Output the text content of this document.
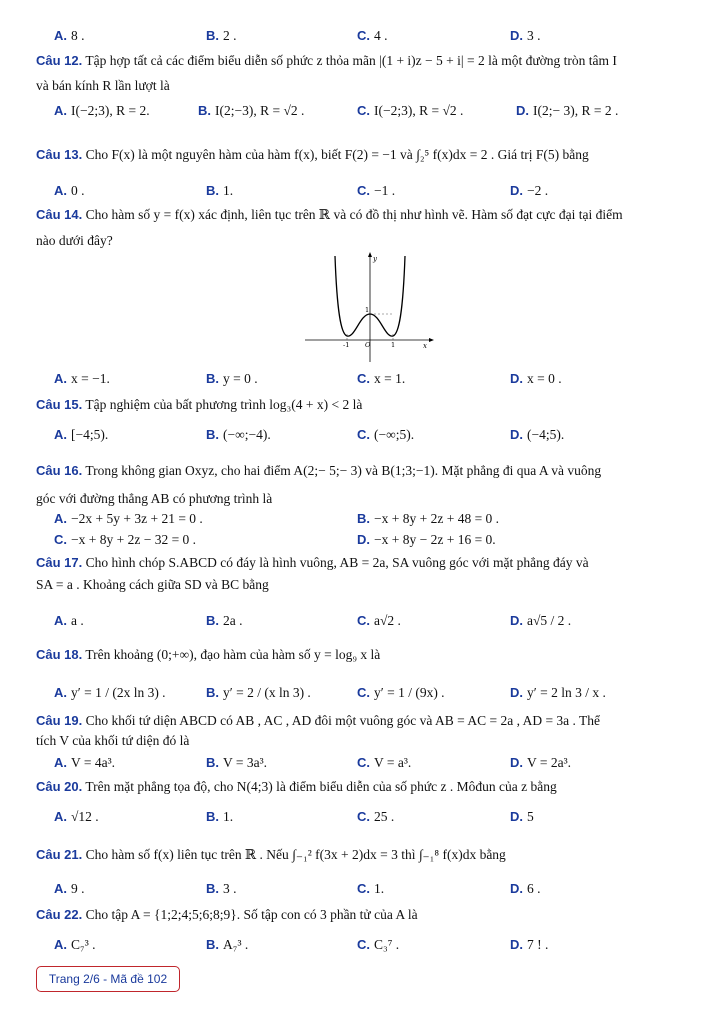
A. 8 .	B. 2 .	C. 4 .	D. 3 .
Câu 12. Tập hợp tất cả các điểm biểu diễn số phức z thỏa mãn |(1 + i)z − 5 + i| = 2 là một đường tròn tâm I
và bán kính R lần lượt là
A. I(−2;3), R = 2.	B. I(2;−3), R = √2 .	C. I(−2;3), R = √2 .	D. I(2;− 3), R = 2 .
Câu 13. Cho F(x) là một nguyên hàm của hàm f(x), biết F(2) = −1 và ∫₂⁵ f(x)dx = 2 . Giá trị F(5) bằng
A. 0 .	B. 1.	C. −1 .	D. −2 .
Câu 14. Cho hàm số y = f(x) xác định, liên tục trên ℝ và có đồ thị như hình vẽ. Hàm số đạt cực đại tại điểm
nào dưới đây?
y
x
O
-1	1
1
A. x = −1.	B. y = 0 .	C. x = 1.	D. x = 0 .
Câu 15. Tập nghiệm của bất phương trình log₃(4 + x) < 2 là
A. [−4;5).	B. (−∞;−4).	C. (−∞;5).	D. (−4;5).
Câu 16. Trong không gian Oxyz, cho hai điểm A(2;− 5;− 3) và B(1;3;−1). Mặt phẳng đi qua A và vuông
góc với đường thẳng AB có phương trình là
A. −2x + 5y + 3z + 21 = 0 .	B. −x + 8y + 2z + 48 = 0 .
C. −x + 8y + 2z − 32 = 0 .	D. −x + 8y − 2z + 16 = 0.
Câu 17. Cho hình chóp S.ABCD có đáy là hình vuông, AB = 2a, SA vuông góc với mặt phẳng đáy và
SA = a . Khoảng cách giữa SD và BC bằng
A. a .	B. 2a .	C. a√2 .	D. a√5 / 2 .
Câu 18. Trên khoảng (0;+∞), đạo hàm của hàm số y = log₉ x là
A. y′ = 1 / (2x ln 3) .	B. y′ = 2 / (x ln 3) .	C. y′ = 1 / (9x) .	D. y′ = 2 ln 3 / x .
Câu 19. Cho khối tứ diện ABCD có AB , AC , AD đôi một vuông góc và AB = AC = 2a , AD = 3a . Thể
tích V của khối tứ diện đó là
A. V = 4a³.	B. V = 3a³.	C. V = a³.	D. V = 2a³.
Câu 20. Trên mặt phẳng tọa độ, cho N(4;3) là điểm biểu diễn của số phức z . Môđun của z bằng
A. √12 .	B. 1.	C. 25 .	D. 5
Câu 21. Cho hàm số f(x) liên tục trên ℝ . Nếu ∫₋₁² f(3x + 2)dx = 3 thì ∫₋₁⁸ f(x)dx bằng
A. 9 .	B. 3 .	C. 1.	D. 6 .
Câu 22. Cho tập A = {1;2;4;5;6;8;9}. Số tập con có 3 phần tử của A là
A. C₇³ .	B. A₇³ .	C. C₃⁷ .	D. 7 ! .
Trang 2/6 - Mã đề 102
